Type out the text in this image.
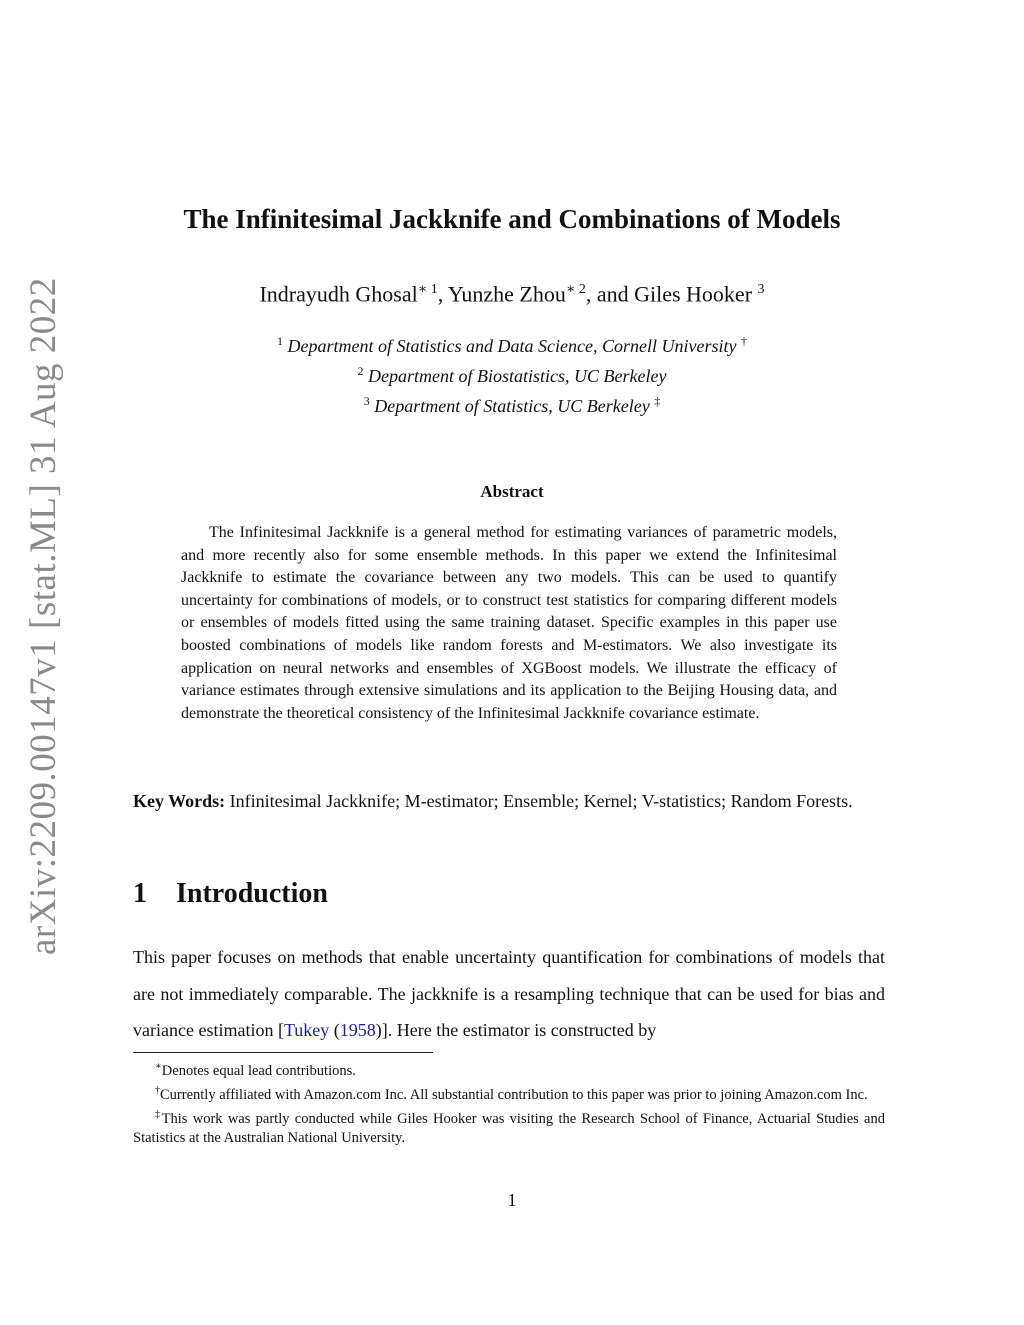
arXiv:2209.00147v1 [stat.ML] 31 Aug 2022
The Infinitesimal Jackknife and Combinations of Models
Indrayudh Ghosal$^{∗ 1}$, Yunzhe Zhou$^{∗ 2}$, and Giles Hooker $^3$
$^1$ Department of Statistics and Data Science, Cornell University †
$^2$ Department of Biostatistics, UC Berkeley
$^3$ Department of Statistics, UC Berkeley ‡
Abstract
The Infinitesimal Jackknife is a general method for estimating variances of parametric models, and more recently also for some ensemble methods. In this paper we extend the Infinitesimal Jackknife to estimate the covariance between any two models. This can be used to quantify uncertainty for combinations of models, or to construct test statistics for comparing different models or ensembles of models fitted using the same training dataset. Specific examples in this paper use boosted combinations of models like random forests and M-estimators. We also investigate its application on neural networks and ensembles of XGBoost models. We illustrate the efficacy of variance estimates through extensive simulations and its application to the Beijing Housing data, and demonstrate the theoretical consistency of the Infinitesimal Jackknife covariance estimate.
Key Words: Infinitesimal Jackknife; M-estimator; Ensemble; Kernel; V-statistics; Random Forests.
1 Introduction
This paper focuses on methods that enable uncertainty quantification for combinations of models that are not immediately comparable. The jackknife is a resampling technique that can be used for bias and variance estimation [Tukey (1958)]. Here the estimator is constructed by

∗Denotes equal lead contributions.

†Currently affiliated with Amazon.com Inc. All substantial contribution to this paper was prior to joining Amazon.com Inc.

‡This work was partly conducted while Giles Hooker was visiting the Research School of Finance, Actuarial Studies and Statistics at the Australian National University.

1
